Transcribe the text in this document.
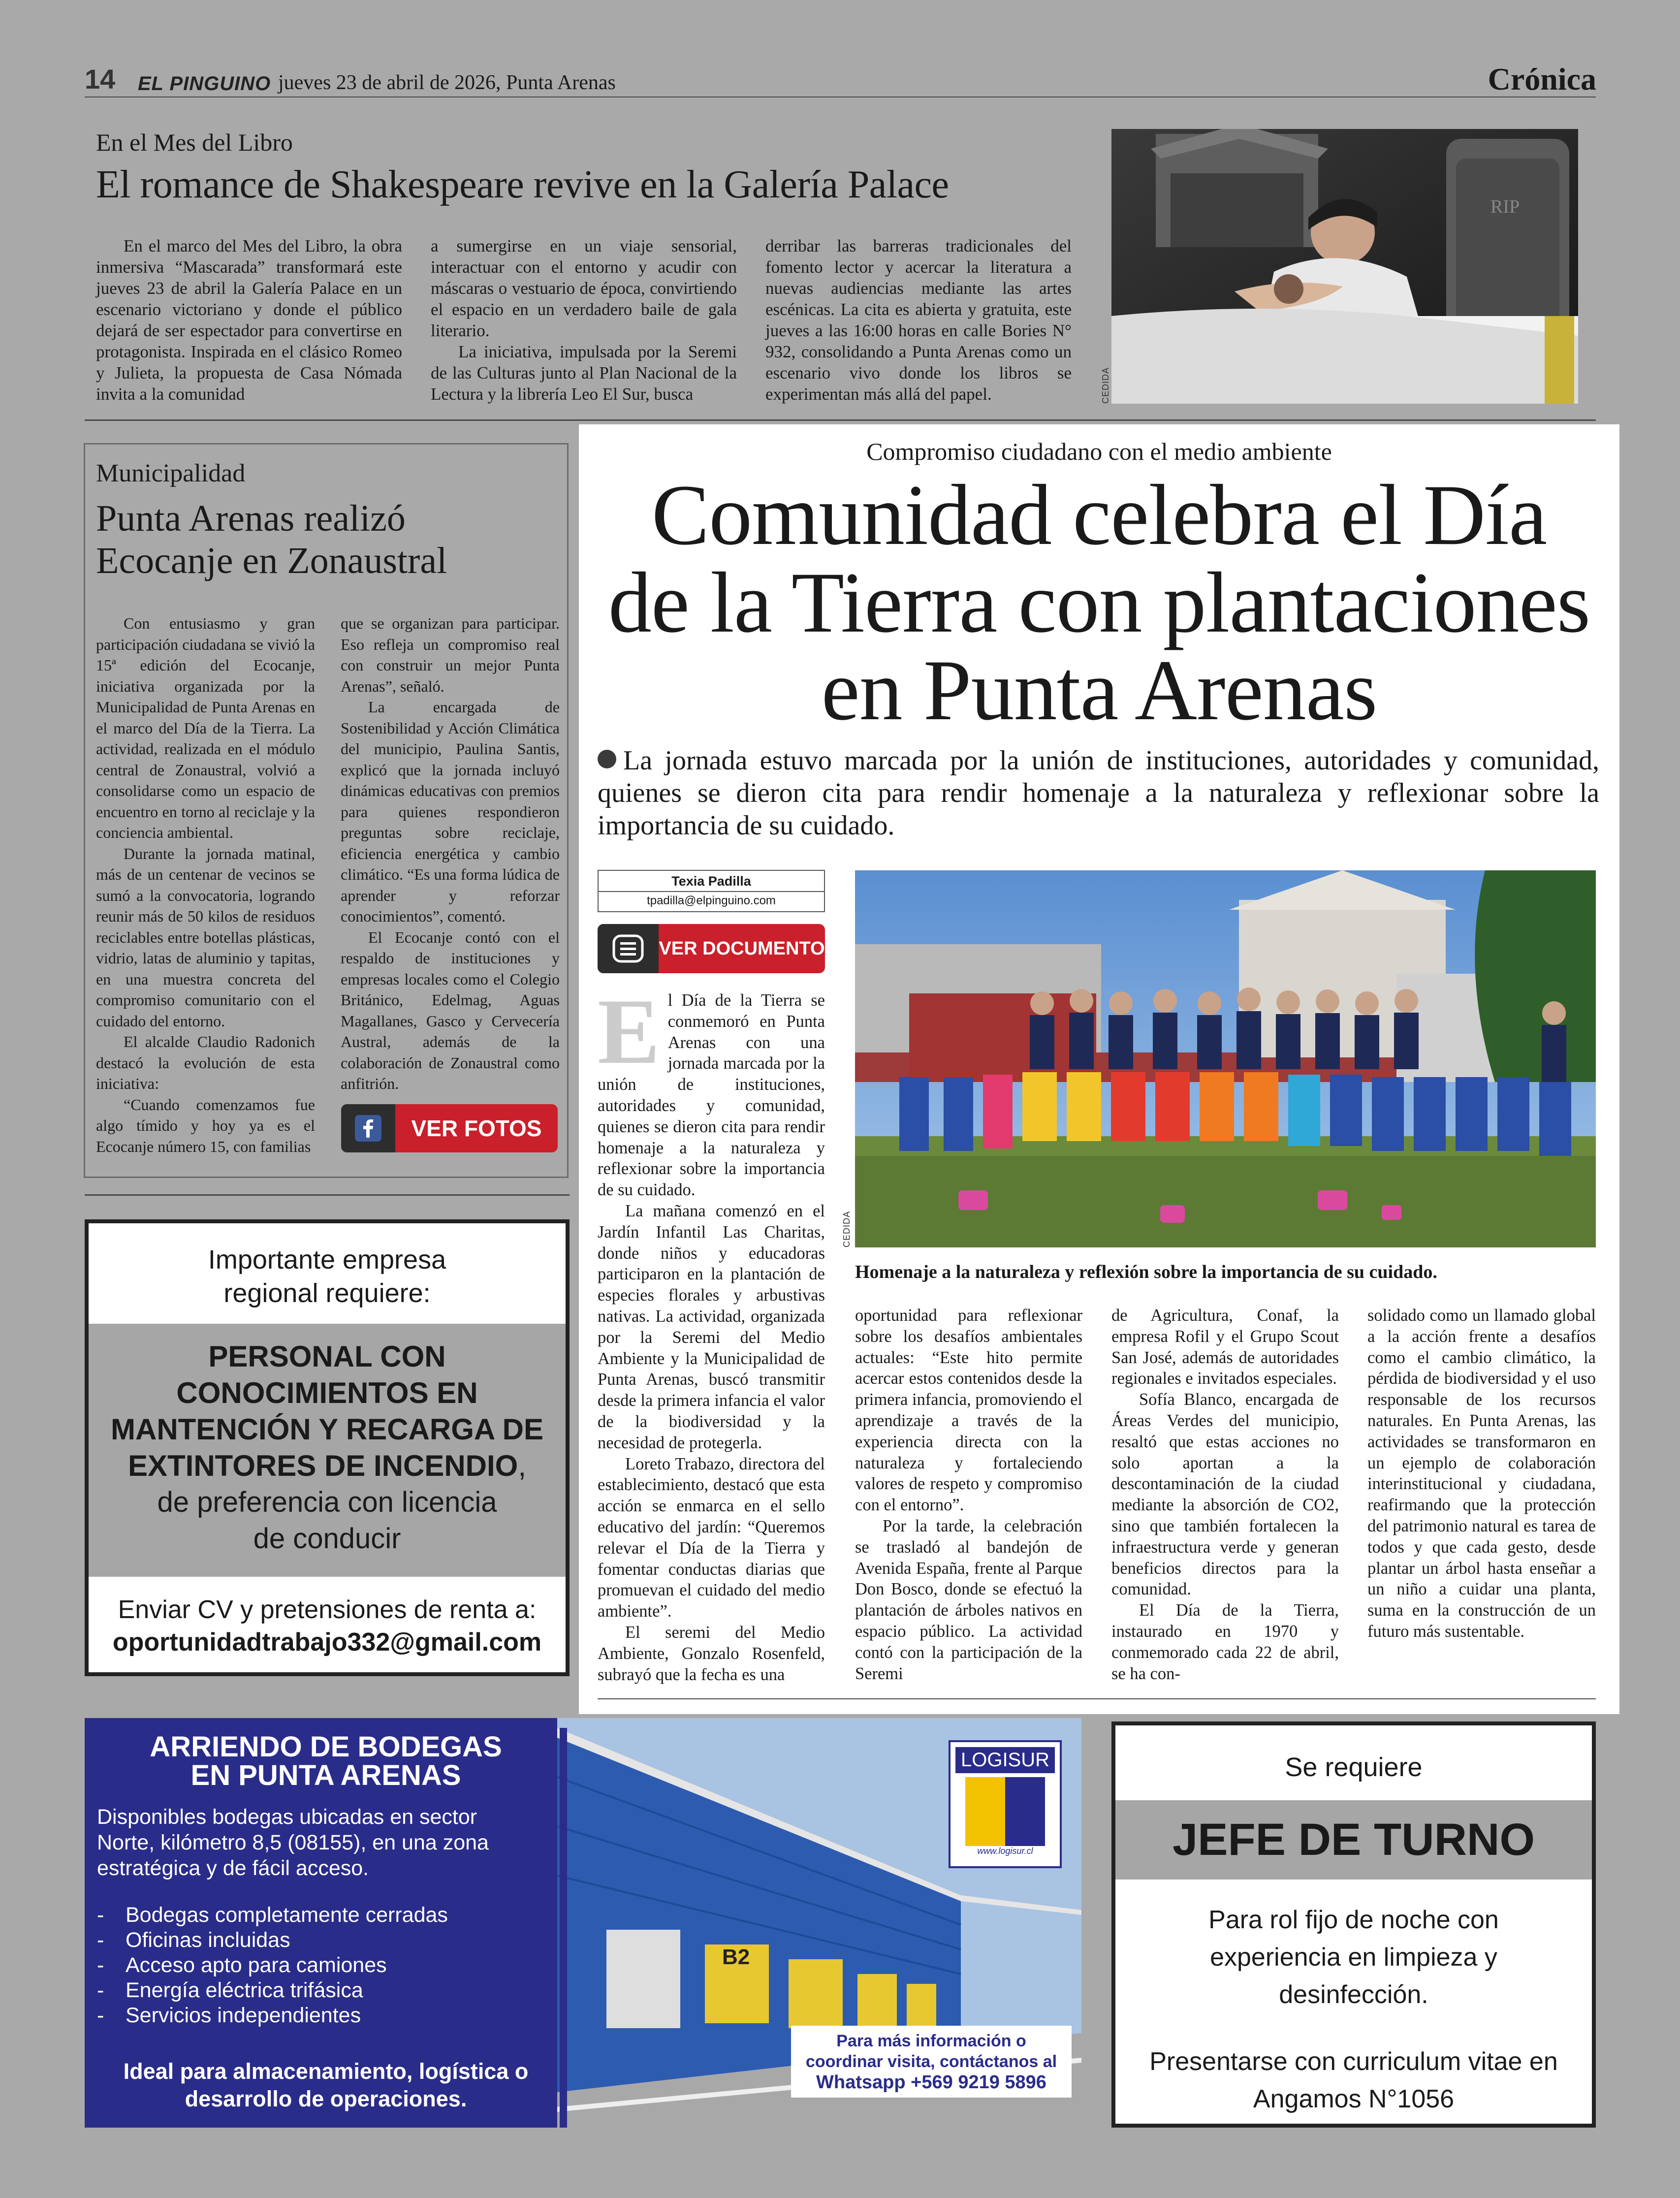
14 EL PINGUINO jueves 23 de abril de 2026, Punta Arenas	Crónica
En el Mes del Libro
El romance de Shakespeare revive en la Galería Palace

En el marco del Mes del Libro, la obra inmersiva “Mascarada” transformará este jueves 23 de abril la Galería Palace en un escenario victoriano y donde el público dejará de ser espectador para convertirse en protagonista. Inspirada en el clásico Romeo y Julieta, la propuesta de Casa Nómada invita a la comunidad

a sumergirse en un viaje sensorial, interactuar con el entorno y acudir con máscaras o vestuario de época, convirtiendo el espacio en un verdadero baile de gala literario.

La iniciativa, impulsada por la Seremi de las Culturas junto al Plan Nacional de la Lectura y la librería Leo El Sur, busca

derribar las barreras tradicionales del fomento lector y acercar la literatura a nuevas audiencias mediante las artes escénicas. La cita es abierta y gratuita, este jueves a las 16:00 horas en calle Bories N° 932, consolidando a Punta Arenas como un escenario vivo donde los libros se experimentan más allá del papel.

RIP
CEDIDA
Municipalidad
Punta Arenas realizó
Ecocanje en Zonaustral

Con entusiasmo y gran participación ciudadana se vivió la 15ª edición del Ecocanje, iniciativa organizada por la Municipalidad de Punta Arenas en el marco del Día de la Tierra. La actividad, realizada en el módulo central de Zonaustral, volvió a consolidarse como un espacio de encuentro en torno al reciclaje y la conciencia ambiental.

Durante la jornada matinal, más de un centenar de vecinos se sumó a la convocatoria, logrando reunir más de 50 kilos de residuos reciclables entre botellas plásticas, vidrio, latas de aluminio y tapitas, en una muestra concreta del compromiso comunitario con el cuidado del entorno.

El alcalde Claudio Radonich destacó la evolución de esta iniciativa:

“Cuando comenzamos fue algo tímido y hoy ya es el Ecocanje número 15, con familias

que se organizan para participar. Eso refleja un compromiso real con construir un mejor Punta Arenas”, señaló.

La encargada de Sostenibilidad y Acción Climática del municipio, Paulina Santis, explicó que la jornada incluyó dinámicas educativas con premios para quienes respondieron preguntas sobre reciclaje, eficiencia energética y cambio climático. “Es una forma lúdica de aprender y reforzar conocimientos”, comentó.

El Ecocanje contó con el respaldo de instituciones y empresas locales como el Colegio Británico, Edelmag, Aguas Magallanes, Gasco y Cervecería Austral, además de la colaboración de Zonaustral como anfitrión.

VER FOTOS
Importante empresa
regional requiere:
PERSONAL CON
CONOCIMIENTOS EN
MANTENCIÓN Y RECARGA DE
EXTINTORES DE INCENDIO,
de preferencia con licencia
de conducir
Enviar CV y pretensiones de renta a:
oportunidadtrabajo332@gmail.com
Compromiso ciudadano con el medio ambiente
Comunidad celebra el Día
de la Tierra con plantaciones
en Punta Arenas
La jornada estuvo marcada por la unión de instituciones, autoridades y comunidad, quienes se dieron cita para rendir homenaje a la naturaleza y reflexionar sobre la importancia de su cuidado.
Texia Padilla
tpadilla@elpinguino.com
VER DOCUMENTO

El Día de la Tierra se conmemoró en Punta Arenas con una jornada marcada por la unión de instituciones, autoridades y comunidad, quienes se dieron cita para rendir homenaje a la naturaleza y reflexionar sobre la importancia de su cuidado.

La mañana comenzó en el Jardín Infantil Las Charitas, donde niños y educadoras participaron en la plantación de especies florales y arbustivas nativas. La actividad, organizada por la Seremi del Medio Ambiente y la Municipalidad de Punta Arenas, buscó transmitir desde la primera infancia el valor de la biodiversidad y la necesidad de protegerla.

Loreto Trabazo, directora del establecimiento, destacó que esta acción se enmarca en el sello educativo del jardín: “Queremos relevar el Día de la Tierra y fomentar conductas diarias que promuevan el cuidado del medio ambiente”.

El seremi del Medio Ambiente, Gonzalo Rosenfeld, subrayó que la fecha es una

CEDIDA
Homenaje a la naturaleza y reflexión sobre la importancia de su cuidado.

oportunidad para reflexionar sobre los desafíos ambientales actuales: “Este hito permite acercar estos contenidos desde la primera infancia, promoviendo el aprendizaje a través de la experiencia directa con la naturaleza y fortaleciendo valores de respeto y compromiso con el entorno”.

Por la tarde, la celebración se trasladó al bandejón de Avenida España, frente al Parque Don Bosco, donde se efectuó la plantación de árboles nativos en espacio público. La actividad contó con la participación de la Seremi

de Agricultura, Conaf, la empresa Rofil y el Grupo Scout San José, además de autoridades regionales e invitados especiales.

Sofía Blanco, encargada de Áreas Verdes del municipio, resaltó que estas acciones no solo aportan a la descontaminación de la ciudad mediante la absorción de CO2, sino que también fortalecen la infraestructura verde y generan beneficios directos para la comunidad.

El Día de la Tierra, instaurado en 1970 y conmemorado cada 22 de abril, se ha con-

solidado como un llamado global a la acción frente a desafíos como el cambio climático, la pérdida de biodiversidad y el uso responsable de los recursos naturales. En Punta Arenas, las actividades se transformaron en un ejemplo de colaboración interinstitucional y ciudadana, reafirmando que la protección del patrimonio natural es tarea de todos y que cada gesto, desde plantar un árbol hasta enseñar a un niño a cuidar una planta, suma en la construcción de un futuro más sustentable.

B2
LOGISUR
www.logisur.cl
ARRIENDO DE BODEGAS
EN PUNTA ARENAS
Disponibles bodegas ubicadas en sector Norte, kilómetro 8,5 (08155), en una zona estratégica y de fácil acceso.
- Bodegas completamente cerradas
- Oficinas incluidas
- Acceso apto para camiones
- Energía eléctrica trifásica
- Servicios independientes
Ideal para almacenamiento, logística o desarrollo de operaciones.
Para más información o
coordinar visita, contáctanos al
Whatsapp +569 9219 5896
Se requiere
JEFE DE TURNO
Para rol fijo de noche con experiencia en limpieza y desinfección.
Presentarse con curriculum vitae en Angamos N°1056
